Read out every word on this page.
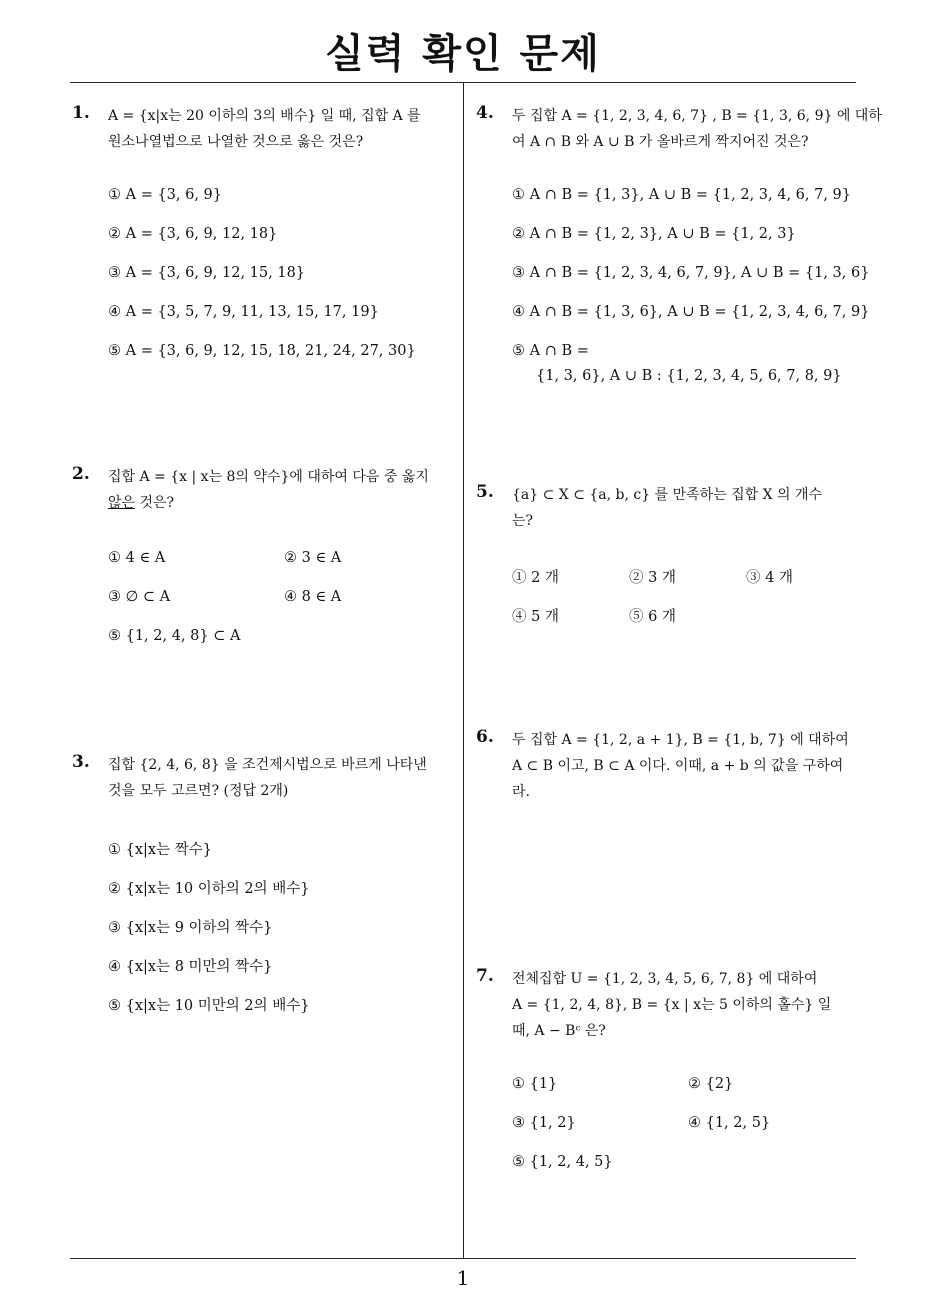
실력 확인 문제
1
1. A = {x|x는 20 이하의 3의 배수} 일 때, 집합 A 를
원소나열법으로 나열한 것으로 옳은 것은?
① A = {3, 6, 9}
② A = {3, 6, 9, 12, 18}
③ A = {3, 6, 9, 12, 15, 18}
④ A = {3, 5, 7, 9, 11, 13, 15, 17, 19}
⑤ A = {3, 6, 9, 12, 15, 18, 21, 24, 27, 30}
2. 집합 A = {x | x는 8의 약수}에 대하여 다음 중 옳지
않은 것은?
① 4 ∈ A	② 3 ∈ A
③ ∅ ⊂ A	④ 8 ∈ A
⑤ {1, 2, 4, 8} ⊂ A
3. 집합 {2, 4, 6, 8} 을 조건제시법으로 바르게 나타낸
것을 모두 고르면? (정답 2개)
① {x|x는 짝수}
② {x|x는 10 이하의 2의 배수}
③ {x|x는 9 이하의 짝수}
④ {x|x는 8 미만의 짝수}
⑤ {x|x는 10 미만의 2의 배수}
4. 두 집합 A = {1, 2, 3, 4, 6, 7} , B = {1, 3, 6, 9} 에 대하
여 A ∩ B 와 A ∪ B 가 올바르게 짝지어진 것은?
① A ∩ B = {1, 3}, A ∪ B = {1, 2, 3, 4, 6, 7, 9}
② A ∩ B = {1, 2, 3}, A ∪ B = {1, 2, 3}
③ A ∩ B = {1, 2, 3, 4, 6, 7, 9}, A ∪ B = {1, 3, 6}
④ A ∩ B = {1, 3, 6}, A ∪ B = {1, 2, 3, 4, 6, 7, 9}
⑤ A ∩ B =
{1, 3, 6}, A ∪ B : {1, 2, 3, 4, 5, 6, 7, 8, 9}
5. {a} ⊂ X ⊂ {a, b, c} 를 만족하는 집합 X 의 개수
는?
① 2 개	② 3 개	③ 4 개
④ 5 개	⑤ 6 개
6. 두 집합 A = {1, 2, a + 1}, B = {1, b, 7} 에 대하여
A ⊂ B 이고, B ⊂ A 이다. 이때, a + b 의 값을 구하여
라.
7. 전체집합 U = {1, 2, 3, 4, 5, 6, 7, 8} 에 대하여
A = {1, 2, 4, 8}, B = {x | x는 5 이하의 홀수} 일
때, A − Bᶜ 은?
① {1}	② {2}
③ {1, 2}	④ {1, 2, 5}
⑤ {1, 2, 4, 5}
